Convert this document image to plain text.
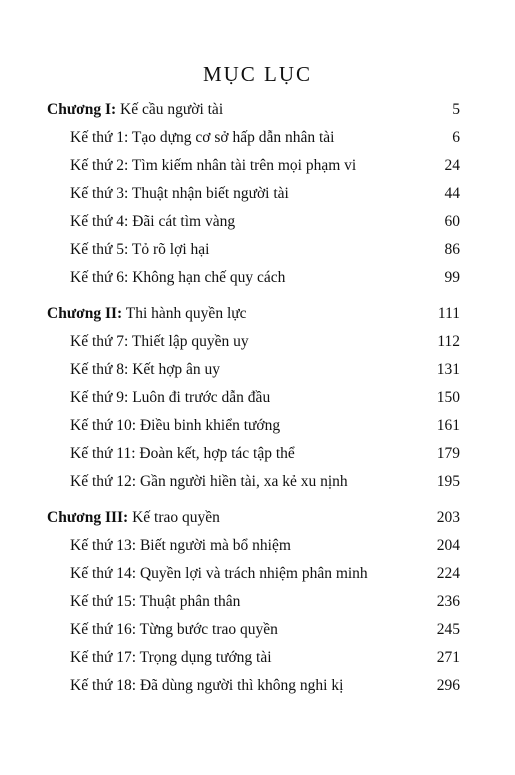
MỤC LỤC
Chương I: Kế cầu người tài	5
Kế thứ 1: Tạo dựng cơ sở hấp dẫn nhân tài	6
Kế thứ 2: Tìm kiếm nhân tài trên mọi phạm vi	24
Kế thứ 3: Thuật nhận biết người tài	44
Kế thứ 4: Đãi cát tìm vàng	60
Kế thứ 5: Tỏ rõ lợi hại	86
Kế thứ 6: Không hạn chế quy cách	99
Chương II: Thi hành quyền lực	111
Kế thứ 7: Thiết lập quyền uy	112
Kế thứ 8: Kết hợp ân uy	131
Kế thứ 9: Luôn đi trước dẫn đầu	150
Kế thứ 10: Điều binh khiển tướng	161
Kế thứ 11: Đoàn kết, hợp tác tập thể	179
Kế thứ 12: Gần người hiền tài, xa kẻ xu nịnh	195
Chương III: Kế trao quyền	203
Kế thứ 13: Biết người mà bổ nhiệm	204
Kế thứ 14: Quyền lợi và trách nhiệm phân minh	224
Kế thứ 15: Thuật phân thân	236
Kế thứ 16: Từng bước trao quyền	245
Kế thứ 17: Trọng dụng tướng tài	271
Kế thứ 18: Đã dùng người thì không nghi kị	296
